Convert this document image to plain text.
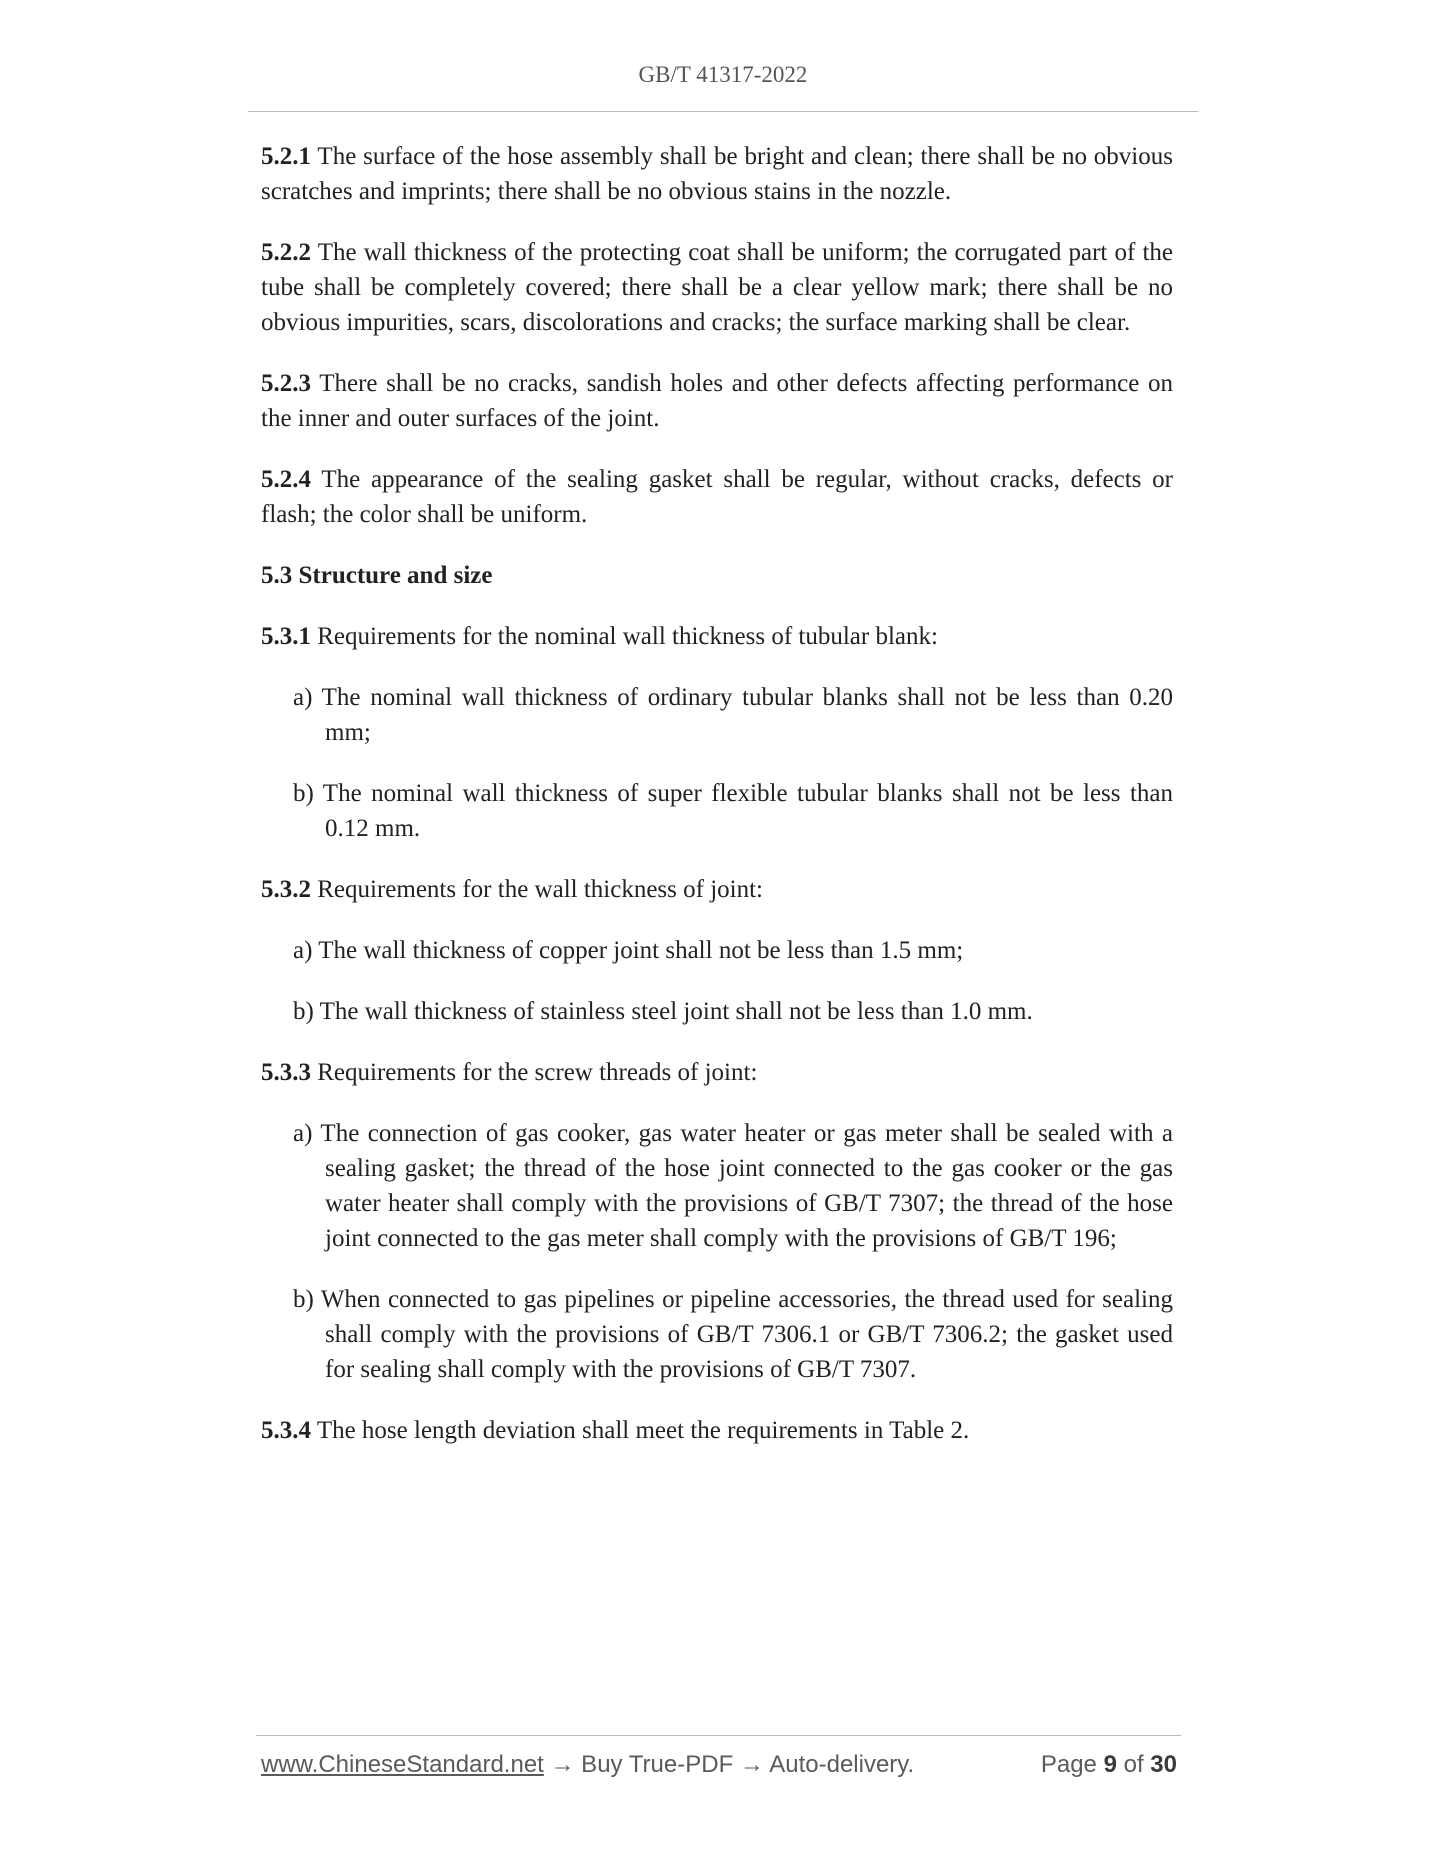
GB/T 41317-2022

5.2.1 The surface of the hose assembly shall be bright and clean; there shall be no obvious scratches and imprints; there shall be no obvious stains in the nozzle.

5.2.2 The wall thickness of the protecting coat shall be uniform; the corrugated part of the tube shall be completely covered; there shall be a clear yellow mark; there shall be no obvious impurities, scars, discolorations and cracks; the surface marking shall be clear.

5.2.3 There shall be no cracks, sandish holes and other defects affecting performance on the inner and outer surfaces of the joint.

5.2.4 The appearance of the sealing gasket shall be regular, without cracks, defects or flash; the color shall be uniform.

5.3 Structure and size

5.3.1 Requirements for the nominal wall thickness of tubular blank:

a) The nominal wall thickness of ordinary tubular blanks shall not be less than 0.20 mm;

b) The nominal wall thickness of super flexible tubular blanks shall not be less than 0.12 mm.

5.3.2 Requirements for the wall thickness of joint:

a) The wall thickness of copper joint shall not be less than 1.5 mm;

b) The wall thickness of stainless steel joint shall not be less than 1.0 mm.

5.3.3 Requirements for the screw threads of joint:

a) The connection of gas cooker, gas water heater or gas meter shall be sealed with a sealing gasket; the thread of the hose joint connected to the gas cooker or the gas water heater shall comply with the provisions of GB/T 7307; the thread of the hose joint connected to the gas meter shall comply with the provisions of GB/T 196;

b) When connected to gas pipelines or pipeline accessories, the thread used for sealing shall comply with the provisions of GB/T 7306.1 or GB/T 7306.2; the gasket used for sealing shall comply with the provisions of GB/T 7307.

5.3.4 The hose length deviation shall meet the requirements in Table 2.

www.ChineseStandard.net → Buy True-PDF → Auto-delivery.	Page 9 of 30
